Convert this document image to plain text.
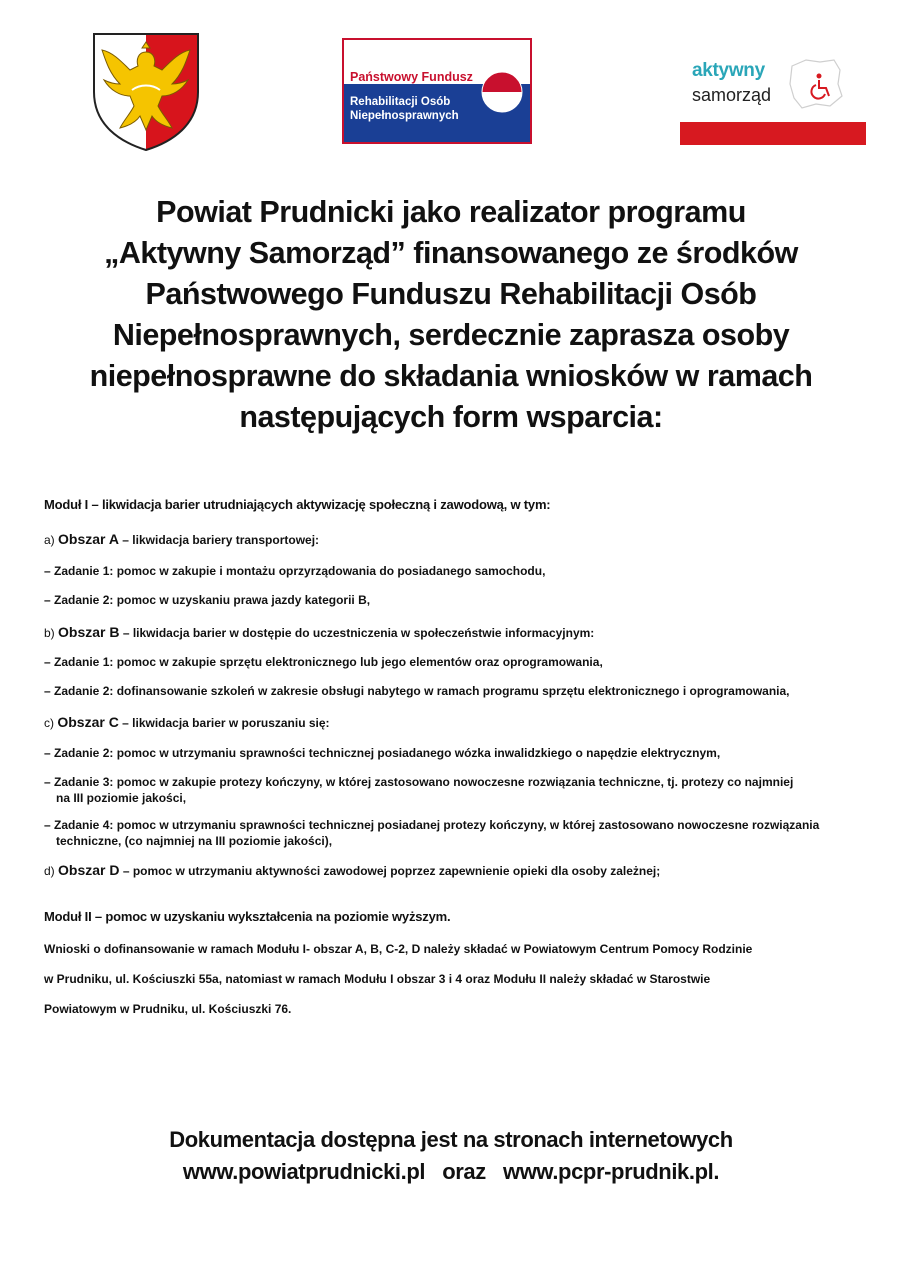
Państwowy Fundusz
Rehabilitacji Osób
Niepełnosprawnych
aktywny
samorząd
Powiat Prudnicki jako realizator programu
„Aktywny Samorząd” finansowanego ze środków
Państwowego Funduszu Rehabilitacji Osób
Niepełnosprawnych, serdecznie zaprasza osoby
niepełnosprawne do składania wniosków w ramach
następujących form wsparcia:
Moduł I – likwidacja barier utrudniających aktywizację społeczną i zawodową, w tym:
a) Obszar A – likwidacja bariery transportowej:
– Zadanie 1: pomoc w zakupie i montażu oprzyrządowania do posiadanego samochodu,
– Zadanie 2: pomoc w uzyskaniu prawa jazdy kategorii B,
b) Obszar B – likwidacja barier w dostępie do uczestniczenia w społeczeństwie informacyjnym:
– Zadanie 1: pomoc w zakupie sprzętu elektronicznego lub jego elementów oraz oprogramowania,
– Zadanie 2: dofinansowanie szkoleń w zakresie obsługi nabytego w ramach programu sprzętu elektronicznego i oprogramowania,
c) Obszar C – likwidacja barier w poruszaniu się:
– Zadanie 2: pomoc w utrzymaniu sprawności technicznej posiadanego wózka inwalidzkiego o napędzie elektrycznym,
– Zadanie 3: pomoc w zakupie protezy kończyny, w której zastosowano nowoczesne rozwiązania techniczne, tj. protezy co najmniej
na III poziomie jakości,
– Zadanie 4: pomoc w utrzymaniu sprawności technicznej posiadanej protezy kończyny, w której zastosowano nowoczesne rozwiązania
techniczne, (co najmniej na III poziomie jakości),
d) Obszar D – pomoc w utrzymaniu aktywności zawodowej poprzez zapewnienie opieki dla osoby zależnej;
Moduł II – pomoc w uzyskaniu wykształcenia na poziomie wyższym.
Wnioski o dofinansowanie w ramach Modułu I- obszar A, B, C-2, D należy składać w Powiatowym Centrum Pomocy Rodzinie
w Prudniku, ul. Kościuszki 55a, natomiast w ramach Modułu I obszar 3 i 4 oraz Modułu II należy składać w Starostwie
Powiatowym w Prudniku, ul. Kościuszki 76.
Dokumentacja dostępna jest na stronach internetowych
www.powiatprudnicki.pl   oraz   www.pcpr-prudnik.pl.
